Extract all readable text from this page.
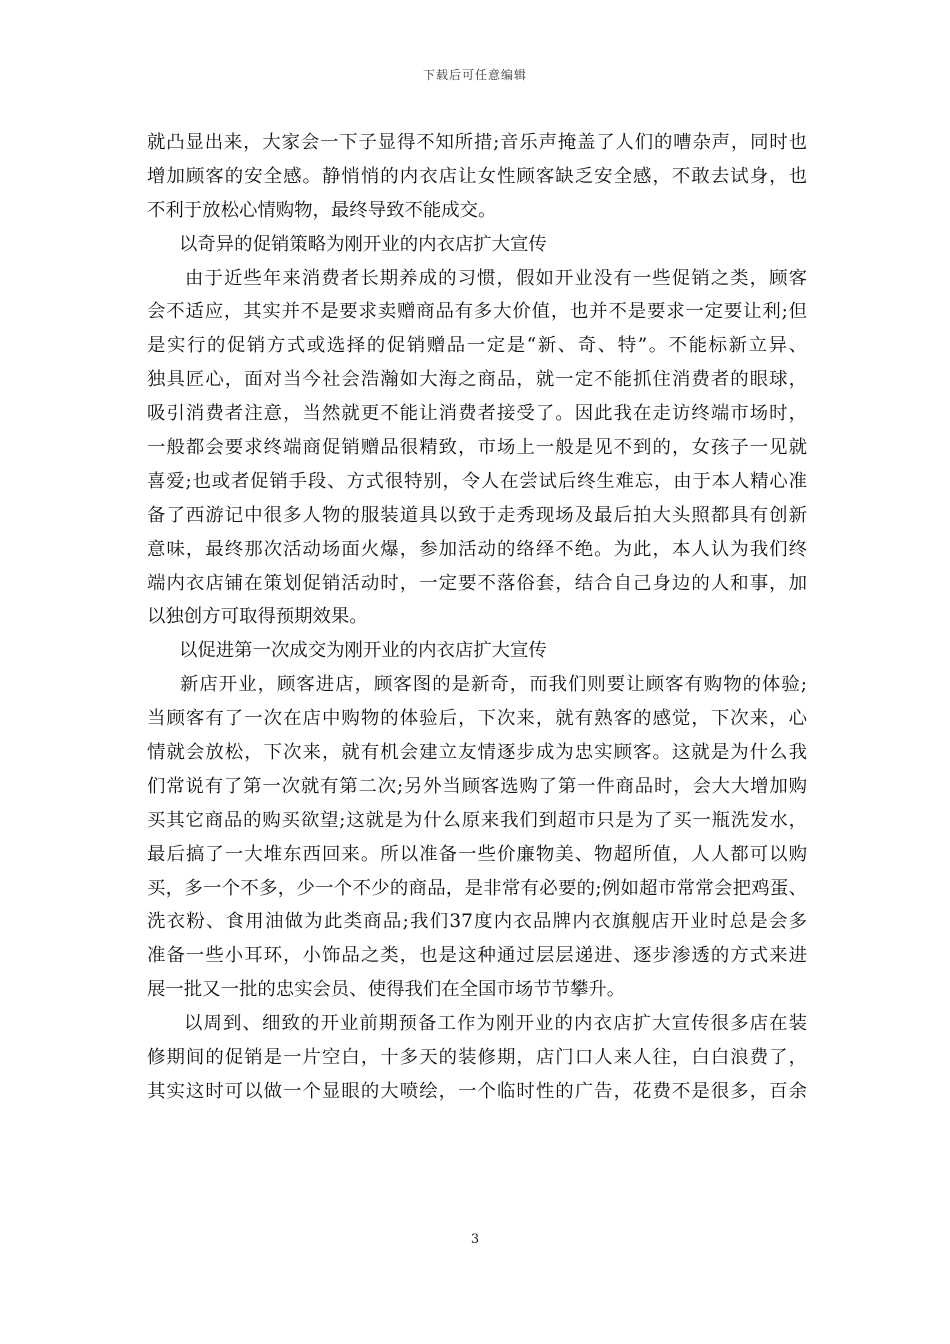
下载后可任意编辑
就凸显出来，大家会一下子显得不知所措;音乐声掩盖了人们的嘈杂声，同时也
增加顾客的安全感。静悄悄的内衣店让女性顾客缺乏安全感，不敢去试身，也
不利于放松心情购物，最终导致不能成交。
以奇异的促销策略为刚开业的内衣店扩大宣传
由于近些年来消费者长期养成的习惯，假如开业没有一些促销之类，顾客
会不适应，其实并不是要求卖赠商品有多大价值，也并不是要求一定要让利;但
是实行的促销方式或选择的促销赠品一定是“新、奇、特”。不能标新立异、
独具匠心，面对当今社会浩瀚如大海之商品，就一定不能抓住消费者的眼球，
吸引消费者注意，当然就更不能让消费者接受了。因此我在走访终端市场时，
一般都会要求终端商促销赠品很精致，市场上一般是见不到的，女孩子一见就
喜爱;也或者促销手段、方式很特别，令人在尝试后终生难忘，由于本人精心准
备了西游记中很多人物的服装道具以致于走秀现场及最后拍大头照都具有创新
意味，最终那次活动场面火爆，参加活动的络绎不绝。为此，本人认为我们终
端内衣店铺在策划促销活动时，一定要不落俗套，结合自己身边的人和事，加
以独创方可取得预期效果。
以促进第一次成交为刚开业的内衣店扩大宣传
新店开业，顾客进店，顾客图的是新奇，而我们则要让顾客有购物的体验;
当顾客有了一次在店中购物的体验后，下次来，就有熟客的感觉，下次来，心
情就会放松，下次来，就有机会建立友情逐步成为忠实顾客。这就是为什么我
们常说有了第一次就有第二次;另外当顾客选购了第一件商品时，会大大增加购
买其它商品的购买欲望;这就是为什么原来我们到超市只是为了买一瓶洗发水，
最后搞了一大堆东西回来。所以准备一些价廉物美、物超所值，人人都可以购
买，多一个不多，少一个不少的商品，是非常有必要的;例如超市常常会把鸡蛋、
洗衣粉、食用油做为此类商品;我们37度内衣品牌内衣旗舰店开业时总是会多
准备一些小耳环，小饰品之类，也是这种通过层层递进、逐步渗透的方式来进
展一批又一批的忠实会员、使得我们在全国市场节节攀升。
以周到、细致的开业前期预备工作为刚开业的内衣店扩大宣传很多店在装
修期间的促销是一片空白，十多天的装修期，店门口人来人往，白白浪费了，
其实这时可以做一个显眼的大喷绘，一个临时性的广告，花费不是很多，百余
3
